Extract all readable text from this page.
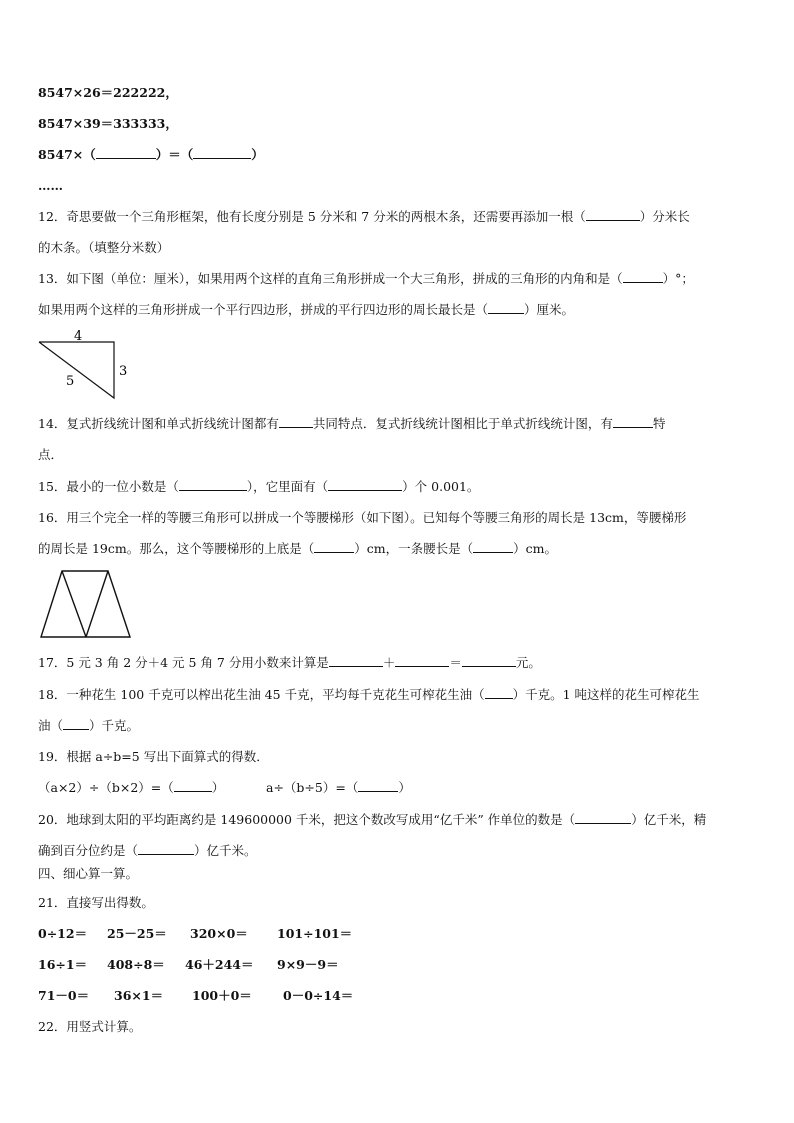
8547×26＝222222，
8547×39＝333333，
8547×（	）＝（	）
……
12．奇思要做一个三角形框架，他有长度分别是 5 分米和 7 分米的两根木条，还需要再添加一根（	）分米长
的木条。（填整分米数）
13．如下图（单位：厘米），如果用两个这样的直角三角形拼成一个大三角形，拼成的三角形的内角和是（	）°；
如果用两个这样的三角形拼成一个平行四边形，拼成的平行四边形的周长最长是（	）厘米。
4
3
5
14．复式折线统计图和单式折线统计图都有	共同特点．复式折线统计图相比于单式折线统计图，有	特
点．
15．最小的一位小数是（	），它里面有（	）个 0.001。
16．用三个完全一样的等腰三角形可以拼成一个等腰梯形（如下图）。已知每个等腰三角形的周长是 13cm，等腰梯形
的周长是 19cm。那么，这个等腰梯形的上底是（	）cm，一条腰长是（	）cm。
17．5 元 3 角 2 分＋4 元 5 角 7 分用小数来计算是	＋	＝	元。
18．一种花生 100 千克可以榨出花生油 45 千克，平均每千克花生可榨花生油（ ）千克。1 吨这样的花生可榨花生
油（ ）千克。
19．根据 a÷b=5 写出下面算式的得数．
（a×2）÷（b×2）=（	）	a÷（b÷5）=（	）
20．地球到太阳的平均距离约是 149600000 千米，把这个数改写成用“亿千米” 作单位的数是（	）亿千米，精
确到百分位约是（	）亿千米。
四、细心算一算。
21．直接写出得数。
0÷12＝ 25－25＝ 320×0＝ 101÷101＝
16÷1＝ 408÷8＝ 46＋244＝ 9×9－9＝
71－0＝ 36×1＝ 100＋0＝ 0－0÷14＝
22．用竖式计算。
